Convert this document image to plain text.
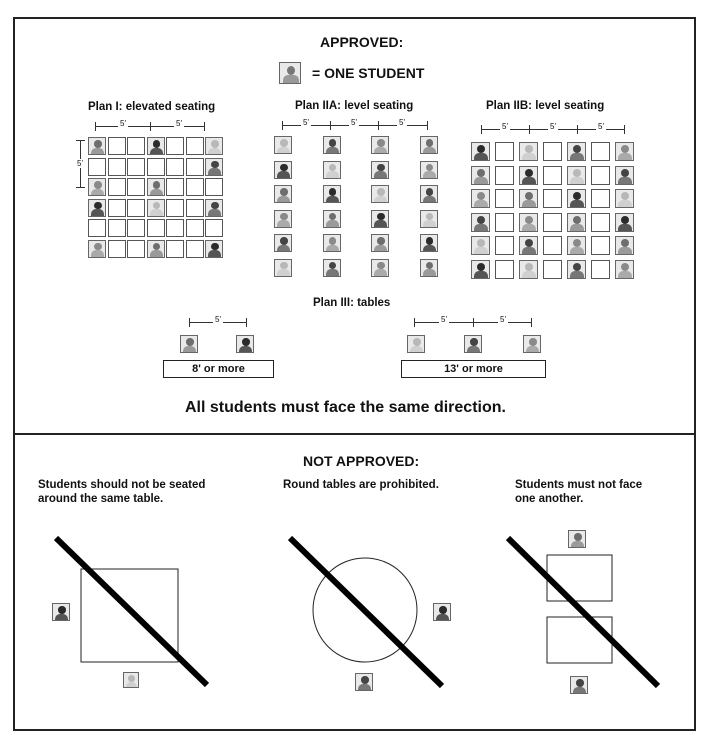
APPROVED:
= ONE STUDENT
Plan I: elevated seating	Plan IIA: level seating	Plan IIB: level seating
5'	5'
5'
5'	5'	5'	5'	5'	5'
Plan III: tables
5'	5'	5'
8' or more	13' or more
All students must face the same direction.
NOT APPROVED:
Students should not be seated
around the same table.
Round tables are prohibited.	Students must not face
one another.
